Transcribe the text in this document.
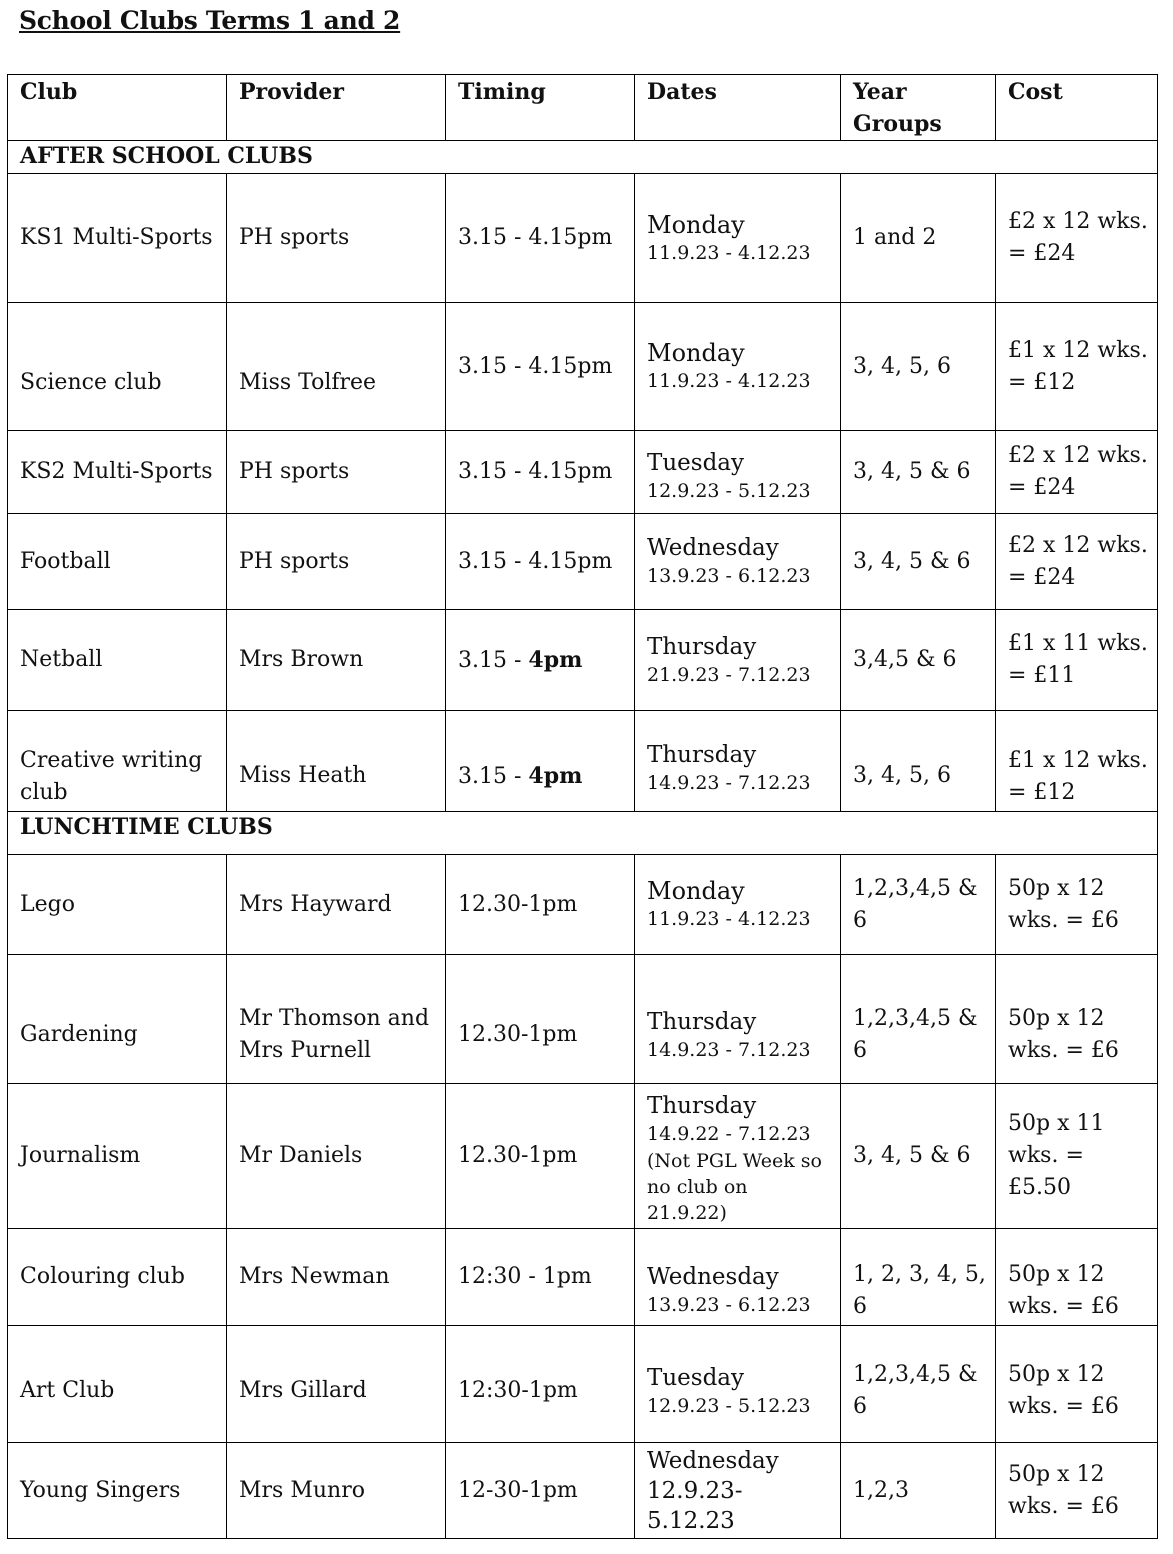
School Clubs Terms 1 and 2
Club	Provider	Timing	Dates	Year Groups	Cost
AFTER SCHOOL CLUBS					
KS1 Multi-Sports	PH sports	3.15 - 4.15pm	Monday
11.9.23 - 4.12.23	1 and 2	£2 x 12 wks. = £24
Science club	Miss Tolfree	3.15 - 4.15pm	Monday
11.9.23 - 4.12.23	3, 4, 5, 6	£1 x 12 wks. = £12
KS2 Multi-Sports	PH sports	3.15 - 4.15pm	Tuesday
12.9.23 - 5.12.23	3, 4, 5 & 6	£2 x 12 wks. = £24
Football	PH sports	3.15 - 4.15pm	Wednesday
13.9.23 - 6.12.23	3, 4, 5 & 6	£2 x 12 wks. = £24
Netball	Mrs Brown	3.15 - 4pm	Thursday
21.9.23 - 7.12.23	3,4,5 & 6	£1 x 11 wks. = £11
Creative writing club	Miss Heath	3.15 - 4pm	Thursday
14.9.23 - 7.12.23	3, 4, 5, 6	£1 x 12 wks. = £12
LUNCHTIME CLUBS					
Lego	Mrs Hayward	12.30-1pm	Monday
11.9.23 - 4.12.23	1,2,3,4,5 & 6	50p x 12 wks. = £6
Gardening	Mr Thomson and Mrs Purnell	12.30-1pm	Thursday
14.9.23 - 7.12.23	1,2,3,4,5 & 6	50p x 12 wks. = £6
Journalism	Mr Daniels	12.30-1pm	Thursday
14.9.22 - 7.12.23
(Not PGL Week so no club on 21.9.22)	3, 4, 5 & 6	50p x 11 wks. = £5.50
Colouring club	Mrs Newman	12:30 - 1pm	Wednesday
13.9.23 - 6.12.23	1, 2, 3, 4, 5, 6	50p x 12 wks. = £6
Art Club	Mrs Gillard	12:30-1pm	Tuesday
12.9.23 - 5.12.23	1,2,3,4,5 & 6	50p x 12 wks. = £6
Young Singers	Mrs Munro	12-30-1pm	Wednesday
12.9.23- 5.12.23	1,2,3	50p x 12 wks. = £6
